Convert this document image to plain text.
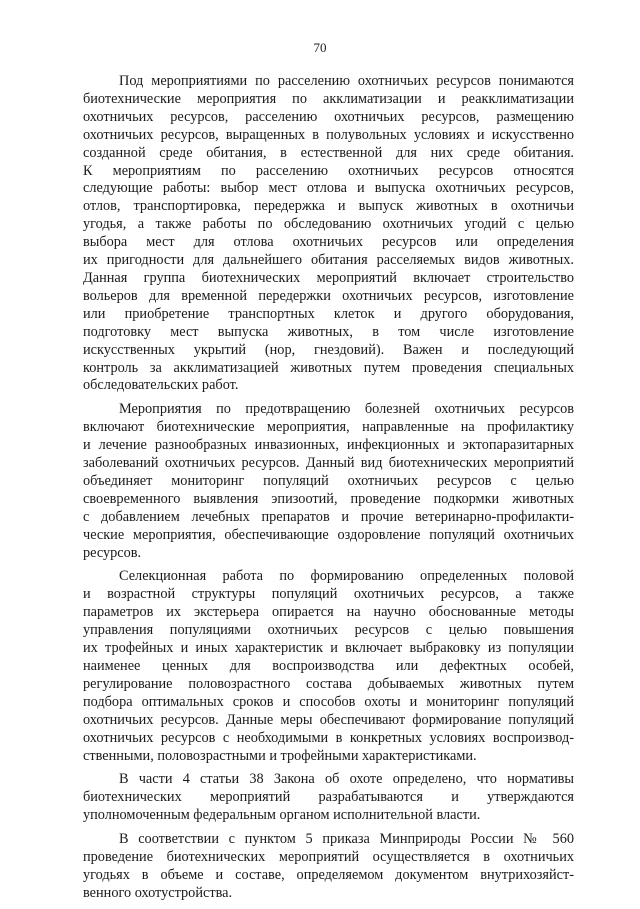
70
Под мероприятиями по расселению охотничьих ресурсов понимаются
биотехнические мероприятия по акклиматизации и реакклиматизации
охотничьих ресурсов, расселению охотничьих ресурсов, размещению
охотничьих ресурсов, выращенных в полувольных условиях и искусственно
созданной среде обитания, в естественной для них среде обитания.
К мероприятиям по расселению охотничьих ресурсов относятся
следующие работы: выбор мест отлова и выпуска охотничьих ресурсов,
отлов, транспортировка, передержка и выпуск животных в охотничьи
угодья, а также работы по обследованию охотничьих угодий с целью
выбора мест для отлова охотничьих ресурсов или определения
их пригодности для дальнейшего обитания расселяемых видов животных.
Данная группа биотехнических мероприятий включает строительство
вольеров для временной передержки охотничьих ресурсов, изготовление
или приобретение транспортных клеток и другого оборудования,
подготовку мест выпуска животных, в том числе изготовление
искусственных укрытий (нор, гнездовий). Важен и последующий
контроль за акклиматизацией животных путем проведения специальных
обследовательских работ.
Мероприятия по предотвращению болезней охотничьих ресурсов
включают биотехнические мероприятия, направленные на профилактику
и лечение разнообразных инвазионных, инфекционных и эктопаразитарных
заболеваний охотничьих ресурсов. Данный вид биотехнических мероприятий
объединяет мониторинг популяций охотничьих ресурсов с целью
своевременного выявления эпизоотий, проведение подкормки животных
с добавлением лечебных препаратов и прочие ветеринарно-профилакти-
ческие мероприятия, обеспечивающие оздоровление популяций охотничьих
ресурсов.
Селекционная работа по формированию определенных половой
и возрастной структуры популяций охотничьих ресурсов, а также
параметров их экстерьера опирается на научно обоснованные методы
управления популяциями охотничьих ресурсов с целью повышения
их трофейных и иных характеристик и включает выбраковку из популяции
наименее ценных для воспроизводства или дефектных особей,
регулирование половозрастного состава добываемых животных путем
подбора оптимальных сроков и способов охоты и мониторинг популяций
охотничьих ресурсов. Данные меры обеспечивают формирование популяций
охотничьих ресурсов с необходимыми в конкретных условиях воспроизвод-
ственными, половозрастными и трофейными характеристиками.
В части 4 статьи 38 Закона об охоте определено, что нормативы
биотехнических мероприятий разрабатываются и утверждаются
уполномоченным федеральным органом исполнительной власти.
В соответствии с пунктом 5 приказа Минприроды России № 560
проведение биотехнических мероприятий осуществляется в охотничьих
угодьях в объеме и составе, определяемом документом внутрихозяйст-
венного охотустройства.
